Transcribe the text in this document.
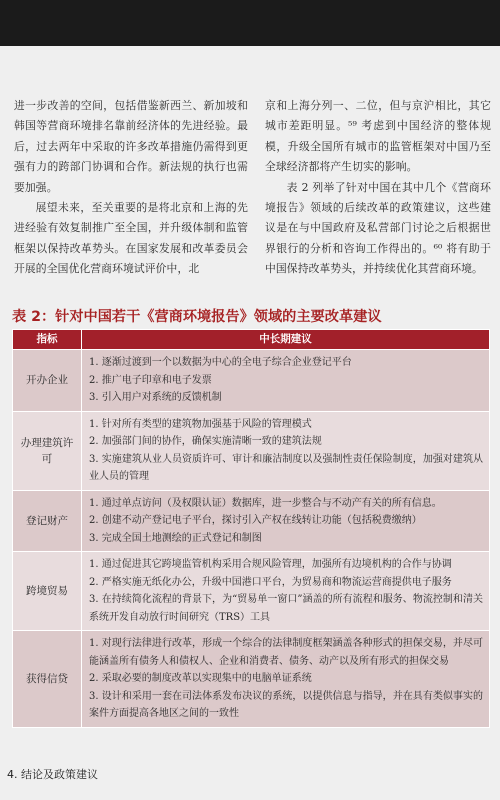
进一步改善的空间，包括借鉴新西兰、新加坡和韩国等营商环境排名靠前经济体的先进经验。最后，过去两年中采取的许多改革措施仍需得到更强有力的跨部门协调和合作。新法规的执行也需要加强。

展望未来，至关重要的是将北京和上海的先进经验有效复制推广至全国，并升级体制和监管框架以保持改革势头。在国家发展和改革委员会开展的全国优化营商环境试评价中，北

京和上海分列一、二位，但与京沪相比，其它城市差距明显。⁵⁹ 考虑到中国经济的整体规模，升级全国所有城市的监管框架对中国乃至全球经济都将产生切实的影响。

表 2 列举了针对中国在其中几个《营商环境报告》领域的后续改革的政策建议，这些建议是在与中国政府及私营部门讨论之后根据世界银行的分析和咨询工作得出的。⁶⁰ 将有助于中国保持改革势头，并持续优化其营商环境。

表 2：针对中国若干《营商环境报告》领域的主要改革建议
指标	中长期建议
开办企业	1. 逐渐过渡到一个以数据为中心的全电子综合企业登记平台
2. 推广电子印章和电子发票
3. 引入用户对系统的反馈机制

办理建筑许可	1. 针对所有类型的建筑物加强基于风险的管理模式
2. 加强部门间的协作，确保实施清晰一致的建筑法规
3. 实施建筑从业人员资质许可、审计和廉洁制度以及强制性责任保险制度，加强对建筑从业人员的管理

登记财产	1. 通过单点访问（及权限认证）数据库，进一步整合与不动产有关的所有信息。
2. 创建不动产登记电子平台，探讨引入产权在线转让功能（包括税费缴纳）
3. 完成全国土地测绘的正式登记和制图

跨境贸易	1. 通过促进其它跨境监管机构采用合规风险管理，加强所有边境机构的合作与协调
2. 严格实施无纸化办公，升级中国港口平台，为贸易商和物流运营商提供电子服务
3. 在持续简化流程的背景下，为“贸易单一窗口”涵盖的所有流程和服务、物流控制和清关系统开发自动放行时间研究（TRS）工具

获得信贷	1. 对现行法律进行改革，形成一个综合的法律制度框架涵盖各种形式的担保交易，并尽可能涵盖所有债务人和债权人、企业和消费者、债务、动产以及所有形式的担保交易
2. 采取必要的制度改革以实现集中的电脑单证系统
3. 设计和采用一套在司法体系发布决议的系统，以提供信息与指导，并在具有类似事实的案件方面提高各地区之间的一致性
4. 结论及政策建议
